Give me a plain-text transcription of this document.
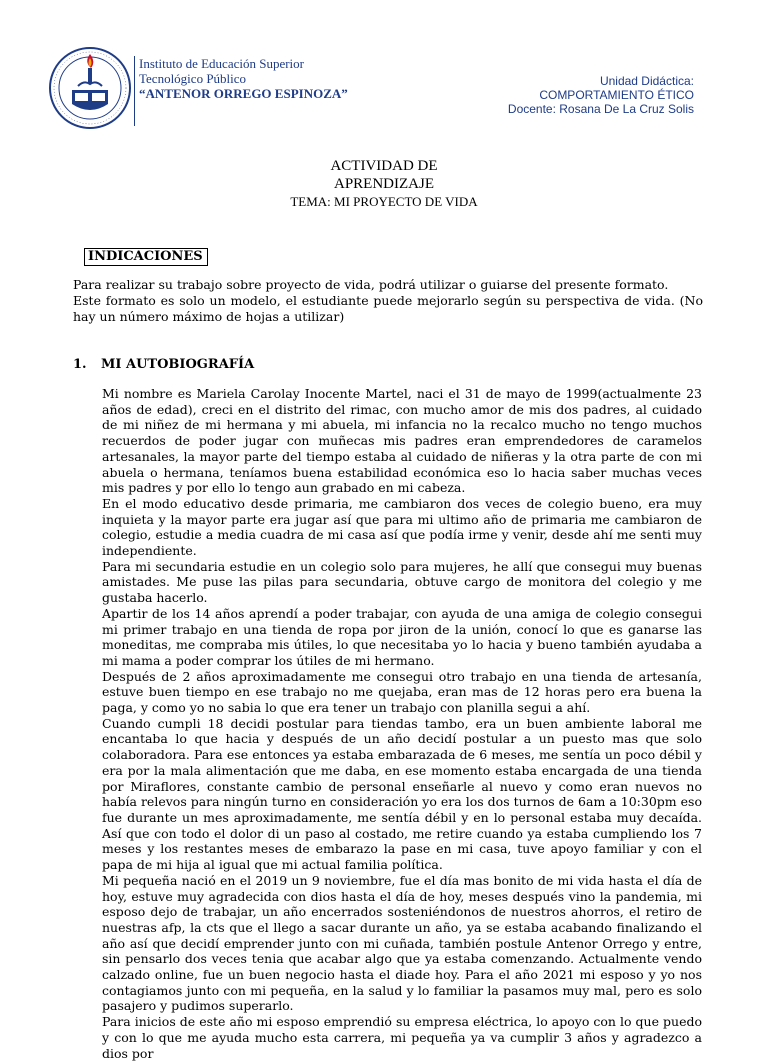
Instituto de Educación Superior
Tecnológico Público
“ANTENOR ORREGO ESPINOZA”
Unidad Didáctica:
COMPORTAMIENTO ÉTICO
Docente: Rosana De La Cruz Solis
ACTIVIDAD DE
APRENDIZAJE
TEMA: MI PROYECTO DE VIDA
INDICACIONES

Para realizar su trabajo sobre proyecto de vida, podrá utilizar o guiarse del presente formato.

Este formato es solo un modelo, el estudiante puede mejorarlo según su perspectiva de vida. (No hay un número máximo de hojas a utilizar)

1. MI AUTOBIOGRAFÍA

Mi nombre es Mariela Carolay Inocente Martel, naci el 31 de mayo de 1999(actualmente 23 años de edad), creci en el distrito del rimac, con mucho amor de mis dos padres, al cuidado de mi niñez de mi hermana y mi abuela, mi infancia no la recalco mucho no tengo muchos recuerdos de poder jugar con muñecas mis padres eran emprendedores de caramelos artesanales, la mayor parte del tiempo estaba al cuidado de niñeras y la otra parte de con mi abuela o hermana, teníamos buena estabilidad económica eso lo hacia saber muchas veces mis padres y por ello lo tengo aun grabado en mi cabeza.

En el modo educativo desde primaria, me cambiaron dos veces de colegio bueno, era muy inquieta y la mayor parte era jugar así que para mi ultimo año de primaria me cambiaron de colegio, estudie a media cuadra de mi casa así que podía irme y venir, desde ahí me senti muy independiente.

Para mi secundaria estudie en un colegio solo para mujeres, he allí que consegui muy buenas amistades. Me puse las pilas para secundaria, obtuve cargo de monitora del colegio y me gustaba hacerlo.

Apartir de los 14 años aprendí a poder trabajar, con ayuda de una amiga de colegio consegui mi primer trabajo en una tienda de ropa por jiron de la unión, conocí lo que es ganarse las moneditas, me compraba mis útiles, lo que necesitaba yo lo hacia y bueno también ayudaba a mi mama a poder comprar los útiles de mi hermano.

Después de 2 años aproximadamente me consegui otro trabajo en una tienda de artesanía, estuve buen tiempo en ese trabajo no me quejaba, eran mas de 12 horas pero era buena la paga, y como yo no sabia lo que era tener un trabajo con planilla segui a ahí.

Cuando cumpli 18 decidi postular para tiendas tambo, era un buen ambiente laboral me encantaba lo que hacia y después de un año decidí postular a un puesto mas que solo colaboradora. Para ese entonces ya estaba embarazada de 6 meses, me sentía un poco débil y era por la mala alimentación que me daba, en ese momento estaba encargada de una tienda por Miraflores, constante cambio de personal enseñarle al nuevo y como eran nuevos no había relevos para ningún turno en consideración yo era los dos turnos de 6am a 10:30pm eso fue durante un mes aproximadamente, me sentía débil y en lo personal estaba muy decaída. Así que con todo el dolor di un paso al costado, me retire cuando ya estaba cumpliendo los 7 meses y los restantes meses de embarazo la pase en mi casa, tuve apoyo familiar y con el papa de mi hija al igual que mi actual familia política.

Mi pequeña nació en el 2019 un 9 noviembre, fue el día mas bonito de mi vida hasta el día de hoy, estuve muy agradecida con dios hasta el día de hoy, meses después vino la pandemia, mi esposo dejo de trabajar, un año encerrados sosteniéndonos de nuestros ahorros, el retiro de nuestras afp, la cts que el llego a sacar durante un año, ya se estaba acabando finalizando el año así que decidí emprender junto con mi cuñada, también postule Antenor Orrego y entre, sin pensarlo dos veces tenia que acabar algo que ya estaba comenzando. Actualmente vendo calzado online, fue un buen negocio hasta el diade hoy. Para el año 2021 mi esposo y yo nos contagiamos junto con mi pequeña, en la salud y lo familiar la pasamos muy mal, pero es solo pasajero y pudimos superarlo.

Para inicios de este año mi esposo emprendió su empresa eléctrica, lo apoyo con lo que puedo y con lo que me ayuda mucho esta carrera, mi pequeña ya va cumplir 3 años y agradezco a dios por
